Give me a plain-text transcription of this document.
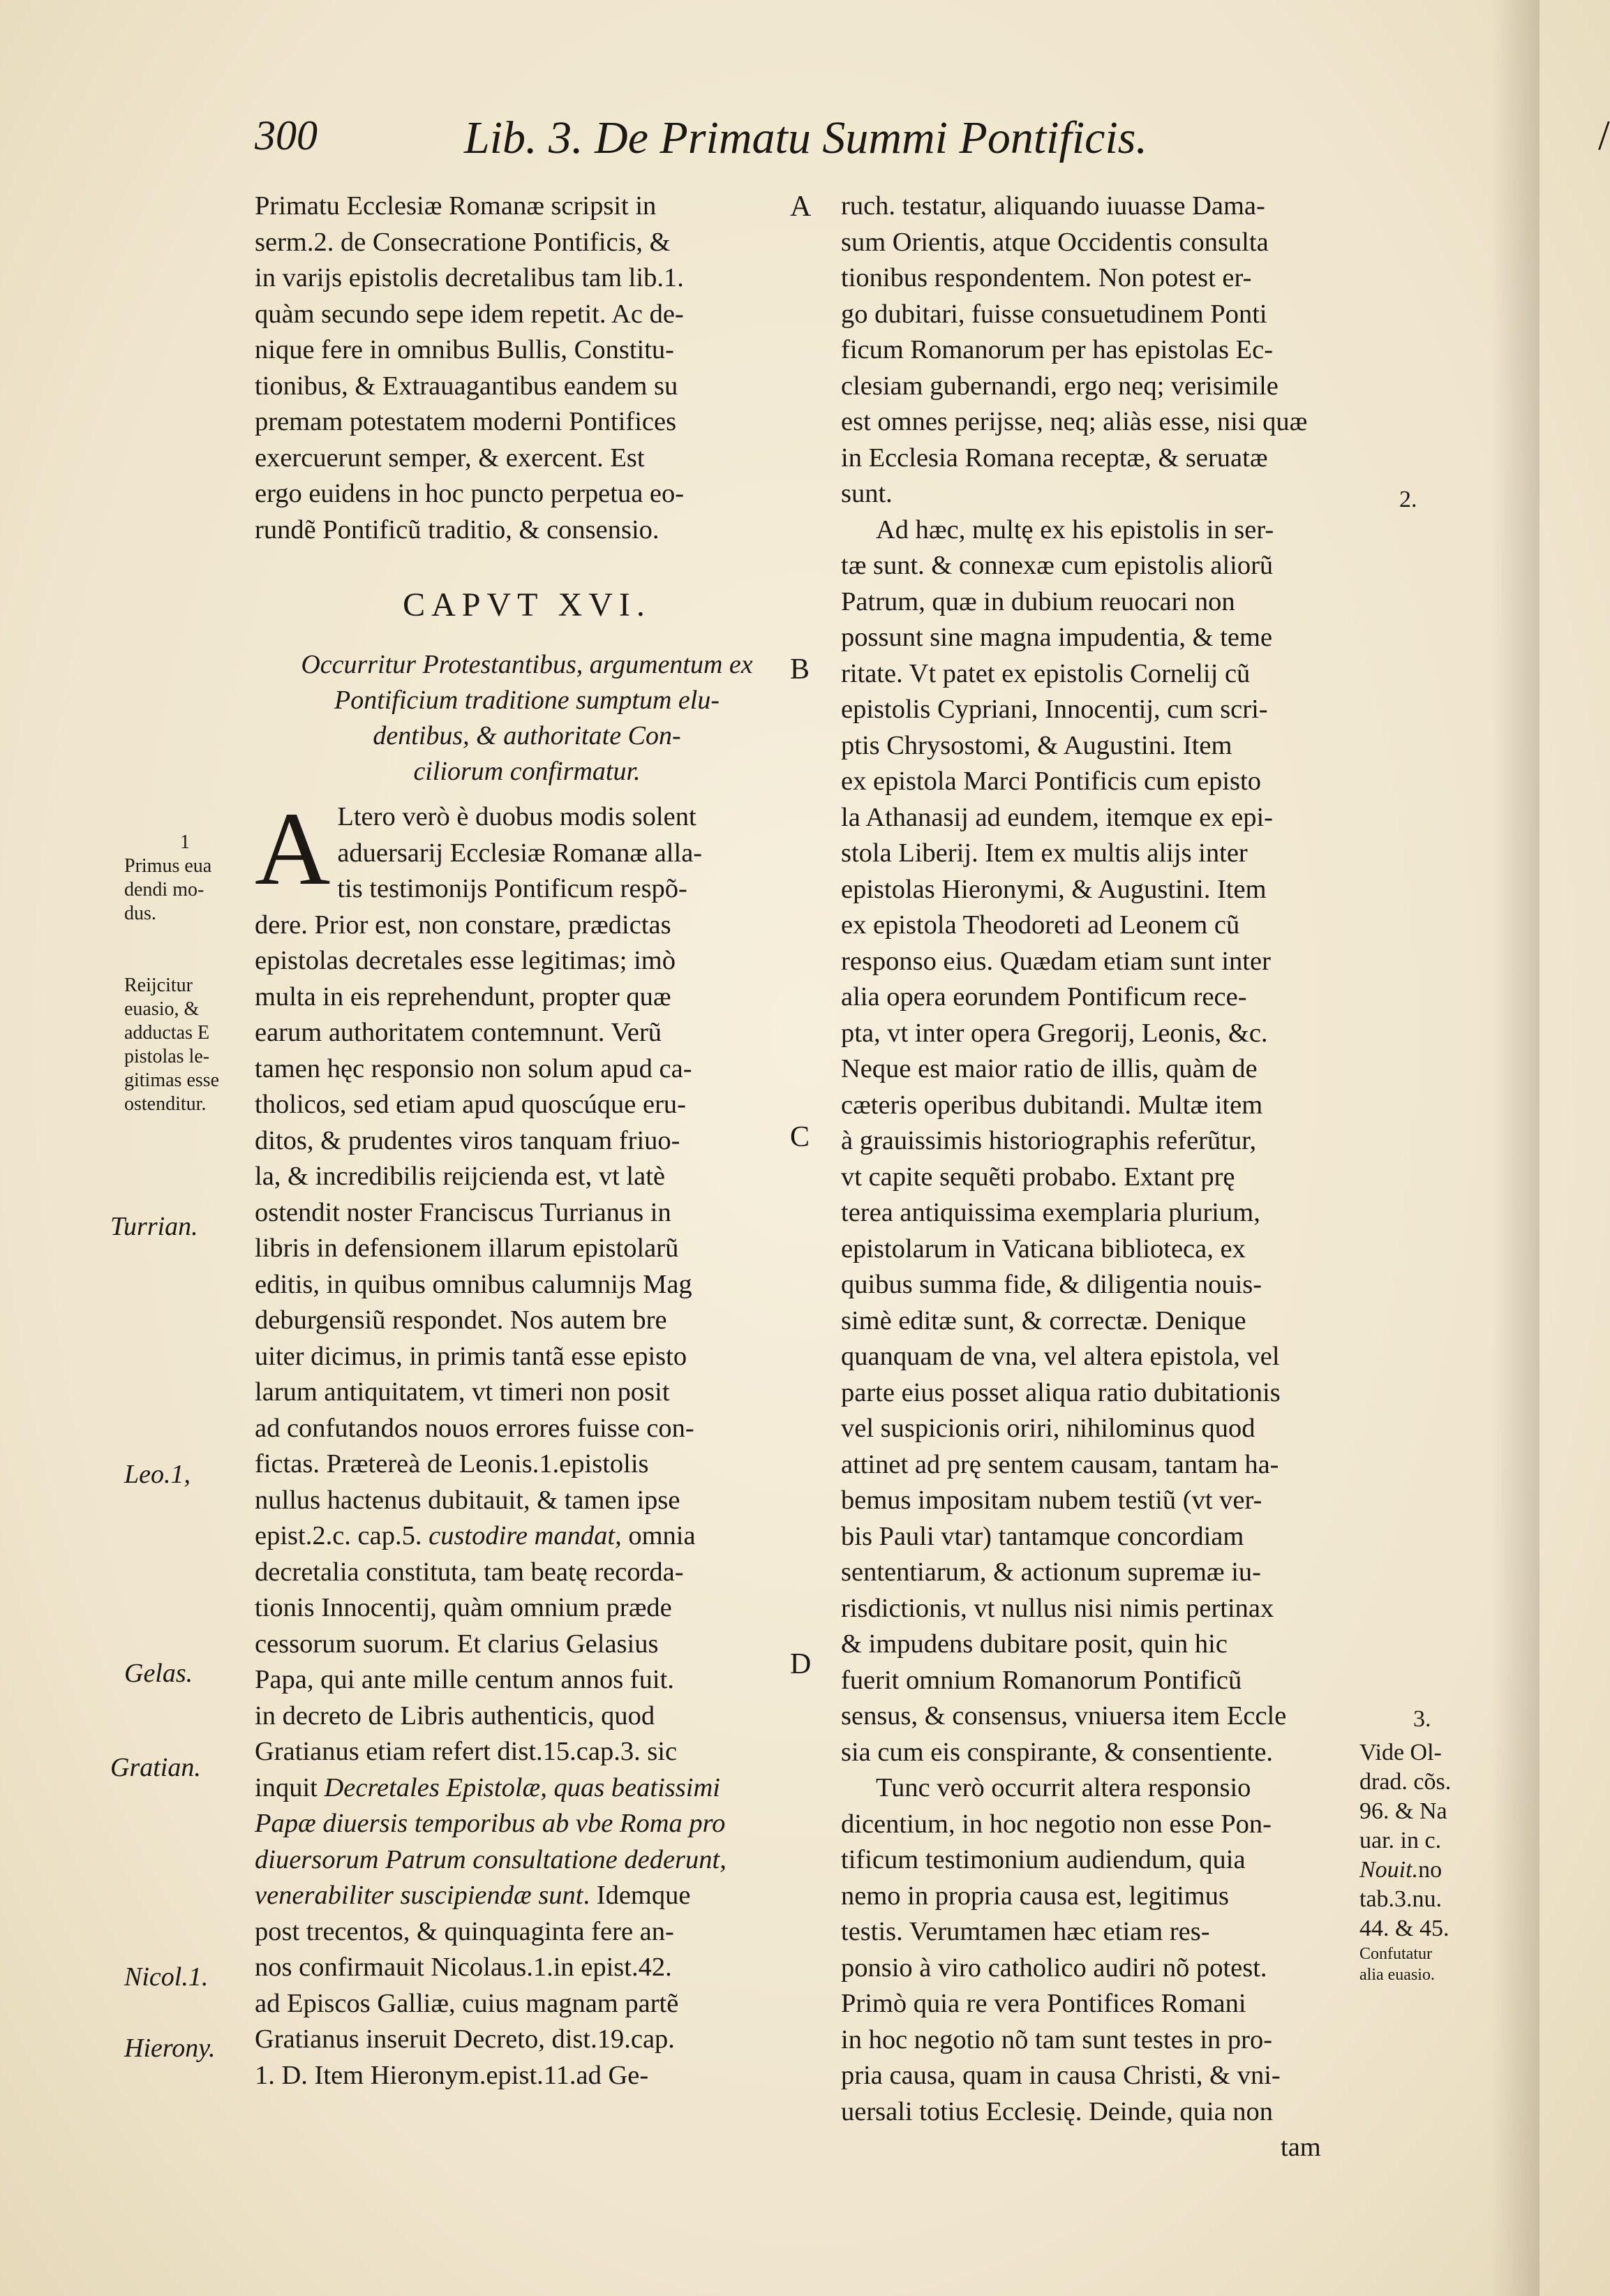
300	Lib. 3. De Primatu Summi Pontificis.	/
Primatu Ecclesiæ Romanæ scripsit in
serm.2. de Consecratione Pontificis, &
in varijs epistolis decretalibus tam lib.1.
quàm secundo sepe idem repetit. Ac de-
nique fere in omnibus Bullis, Constitu-
tionibus, & Extrauagantibus eandem su
premam potestatem moderni Pontifices
exercuerunt semper, & exercent. Est
ergo euidens in hoc puncto perpetua eo-
rundẽ Pontificũ traditio, & consensio.
CAPVT XVI.
Occurritur Protestantibus, argumentum ex
Pontificium traditione sumptum elu-
dentibus, & authoritate Con-
ciliorum confirmatur.
A Ltero verò è duobus modis solent
aduersarij Ecclesiæ Romanæ alla-
tis testimonijs Pontificum respõ-
dere. Prior est, non constare, prædictas
epistolas decretales esse legitimas; imò
multa in eis reprehendunt, propter quæ
earum authoritatem contemnunt. Verũ
tamen hęc responsio non solum apud ca-
tholicos, sed etiam apud quoscúque eru-
ditos, & prudentes viros tanquam friuo-
la, & incredibilis reijcienda est, vt latè
ostendit noster Franciscus Turrianus in
libris in defensionem illarum epistolarũ
editis, in quibus omnibus calumnijs Mag
deburgensiũ respondet. Nos autem bre
uiter dicimus, in primis tantã esse episto
larum antiquitatem, vt timeri non posit
ad confutandos nouos errores fuisse con-
fictas. Prætereà de Leonis.1.epistolis
nullus hactenus dubitauit, & tamen ipse
epist.2.c. cap.5. custodire mandat, omnia
decretalia constituta, tam beatę recorda-
tionis Innocentij, quàm omnium præde
cessorum suorum. Et clarius Gelasius
Papa, qui ante mille centum annos fuit.
in decreto de Libris authenticis, quod
Gratianus etiam refert dist.15.cap.3. sic
inquit Decretales Epistolæ, quas beatissimi
Papæ diuersis temporibus ab vbe Roma pro
diuersorum Patrum consultatione dederunt,
venerabiliter suscipiendæ sunt. Idemque
post trecentos, & quinquaginta fere an-
nos confirmauit Nicolaus.1.in epist.42.
ad Episcos Galliæ, cuius magnam partẽ
Gratianus inseruit Decreto, dist.19.cap.
1. D. Item Hieronym.epist.11.ad Ge-
ruch. testatur, aliquando iuuasse Dama-
sum Orientis, atque Occidentis consulta
tionibus respondentem. Non potest er-
go dubitari, fuisse consuetudinem Ponti
ficum Romanorum per has epistolas Ec-
clesiam gubernandi, ergo neq; verisimile
est omnes perijsse, neq; aliàs esse, nisi quæ
in Ecclesia Romana receptæ, & seruatæ
sunt.
Ad hæc, multę ex his epistolis in ser-
tæ sunt. & connexæ cum epistolis aliorũ
Patrum, quæ in dubium reuocari non
possunt sine magna impudentia, & teme
ritate. Vt patet ex epistolis Cornelij cũ
epistolis Cypriani, Innocentij, cum scri-
ptis Chrysostomi, & Augustini. Item
ex epistola Marci Pontificis cum episto
la Athanasij ad eundem, itemque ex epi-
stola Liberij. Item ex multis alijs inter
epistolas Hieronymi, & Augustini. Item
ex epistola Theodoreti ad Leonem cũ
responso eius. Quædam etiam sunt inter
alia opera eorundem Pontificum rece-
pta, vt inter opera Gregorij, Leonis, &c.
Neque est maior ratio de illis, quàm de
cæteris operibus dubitandi. Multæ item
à grauissimis historiographis referũtur,
vt capite sequẽti probabo. Extant prę
terea antiquissima exemplaria plurium,
epistolarum in Vaticana biblioteca, ex
quibus summa fide, & diligentia nouis-
simè editæ sunt, & correctæ. Denique
quanquam de vna, vel altera epistola, vel
parte eius posset aliqua ratio dubitationis
vel suspicionis oriri, nihilominus quod
attinet ad prę sentem causam, tantam ha-
bemus impositam nubem testiũ (vt ver-
bis Pauli vtar) tantamque concordiam
sententiarum, & actionum supremæ iu-
risdictionis, vt nullus nisi nimis pertinax
& impudens dubitare posit, quin hic
fuerit omnium Romanorum Pontificũ
sensus, & consensus, vniuersa item Eccle
sia cum eis conspirante, & consentiente.
Tunc verò occurrit altera responsio
dicentium, in hoc negotio non esse Pon-
tificum testimonium audiendum, quia
nemo in propria causa est, legitimus
testis. Verumtamen hæc etiam res-
ponsio à viro catholico audiri nõ potest.
Primò quia re vera Pontifices Romani
in hoc negotio nõ tam sunt testes in pro-
pria causa, quam in causa Christi, & vni-
uersali totius Ecclesię. Deinde, quia non
tam
A
B
C
D
1
Primus eua
dendi mo-
dus.
Reijcitur
euasio, &
adductas E
pistolas le-
gitimas esse
ostenditur.
Turrian.
Leo.1,
Gelas.
Gratian.
Nicol.1.
Hierony.
2.
3.
Vide Ol-
drad. cõs.
96. & Na
uar. in c.
Nouit.no
tab.3.nu.
44. & 45.
Confutatur
alia euasio.
